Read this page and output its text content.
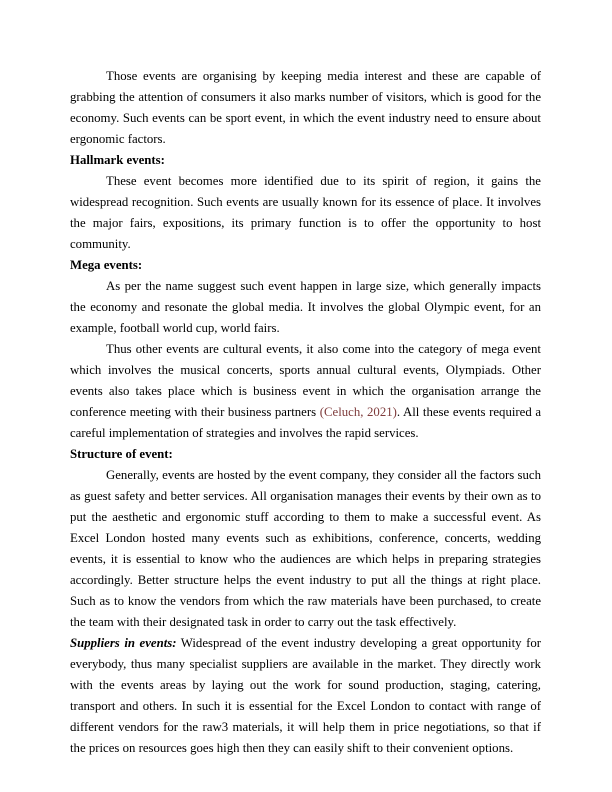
Those events are organising by keeping media interest and these are capable of grabbing the attention of consumers it also marks number of visitors, which is good for the economy. Such events can be sport event, in which the event industry need to ensure about ergonomic factors.

Hallmark events:

These event becomes more identified due to its spirit of region, it gains the widespread recognition. Such events are usually known for its essence of place. It involves the major fairs, expositions, its primary function is to offer the opportunity to host community.

Mega events:

As per the name suggest such event happen in large size, which generally impacts the economy and resonate the global media. It involves the global Olympic event, for an example, football world cup, world fairs.

Thus other events are cultural events, it also come into the category of mega event which involves the musical concerts, sports annual cultural events, Olympiads. Other events also takes place which is business event in which the organisation arrange the conference meeting with their business partners (Celuch, 2021). All these events required a careful implementation of strategies and involves the rapid services.

Structure of event:

Generally, events are hosted by the event company, they consider all the factors such as guest safety and better services. All organisation manages their events by their own as to put the aesthetic and ergonomic stuff according to them to make a successful event. As Excel London hosted many events such as exhibitions, conference, concerts, wedding events, it is essential to know who the audiences are which helps in preparing strategies accordingly. Better structure helps the event industry to put all the things at right place. Such as to know the vendors from which the raw materials have been purchased, to create the team with their designated task in order to carry out the task effectively.

Suppliers in events: Widespread of the event industry developing a great opportunity for everybody, thus many specialist suppliers are available in the market. They directly work with the events areas by laying out the work for sound production, staging, catering, transport and others. In such it is essential for the Excel London to contact with range of different vendors for the raw3 materials, it will help them in price negotiations, so that if the prices on resources goes high then they can easily shift to their convenient options.
